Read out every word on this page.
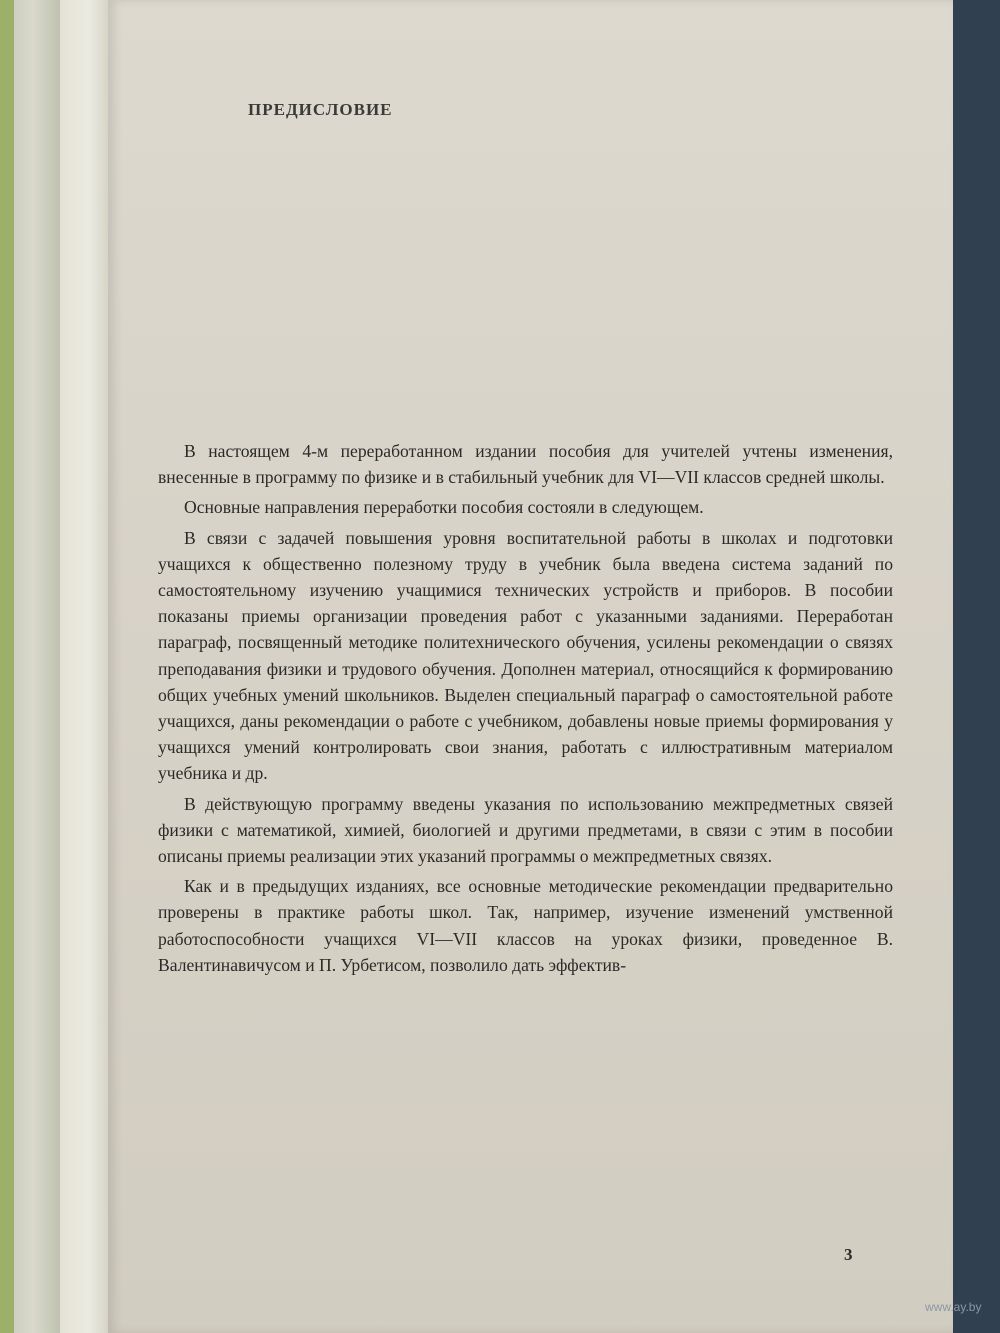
ПРЕДИСЛОВИЕ

В настоящем 4-м переработанном издании пособия для учителей учтены изменения, внесенные в программу по физике и в стабильный учебник для VI—VII классов средней школы.

Основные направления переработки пособия состояли в следующем.

В связи с задачей повышения уровня воспитательной работы в школах и подготовки учащихся к общественно полезному труду в учебник была введена система заданий по самостоятельному изучению учащимися технических устройств и приборов. В пособии показаны приемы организации проведения работ с указанными заданиями. Переработан параграф, посвященный методике политехнического обучения, усилены рекомендации о связях преподавания физики и трудового обучения. Дополнен материал, относящийся к формированию общих учебных умений школьников. Выделен специальный параграф о самостоятельной работе учащихся, даны рекомендации о работе с учебником, добавлены новые приемы формирования у учащихся умений контролировать свои знания, работать с иллюстративным материалом учебника и др.

В действующую программу введены указания по использованию межпредметных связей физики с математикой, химией, биологией и другими предметами, в связи с этим в пособии описаны приемы реализации этих указаний программы о межпредметных связях.

Как и в предыдущих изданиях, все основные методические рекомендации предварительно проверены в практике работы школ. Так, например, изучение изменений умственной работоспособности учащихся VI—VII классов на уроках физики, проведенное В. Валентинавичусом и П. Урбетисом, позволило дать эффектив-

3

www.ay.by
